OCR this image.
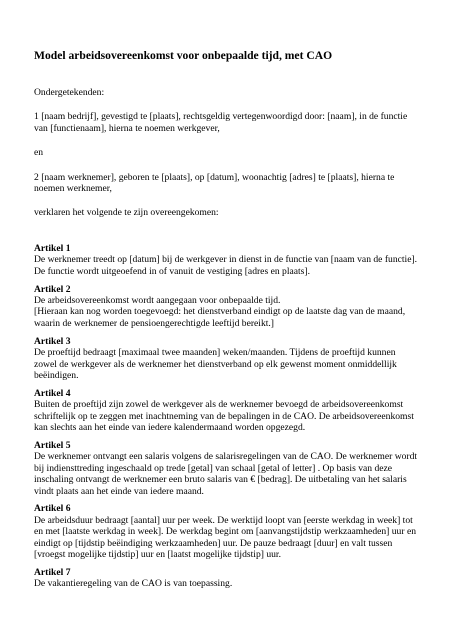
Model arbeidsovereenkomst voor onbepaalde tijd, met CAO

Ondergetekenden:

1 [naam bedrijf], gevestigd te [plaats], rechtsgeldig vertegenwoordigd door: [naam], in de functie van [functienaam], hierna te noemen werkgever,

en

2 [naam werknemer], geboren te [plaats], op [datum], woonachtig [adres] te [plaats], hierna te noemen werknemer,

verklaren het volgende te zijn overeengekomen:

Artikel 1

De werknemer treedt op [datum] bij de werkgever in dienst in de functie van [naam van de functie].

De functie wordt uitgeoefend in of vanuit de vestiging [adres en plaats].

Artikel 2

De arbeidsovereenkomst wordt aangegaan voor onbepaalde tijd.

[Hieraan kan nog worden toegevoegd: het dienstverband eindigt op de laatste dag van de maand, waarin de werknemer de pensioengerechtigde leeftijd bereikt.]

Artikel 3

De proeftijd bedraagt [maximaal twee maanden] weken/maanden. Tijdens de proeftijd kunnen zowel de werkgever als de werknemer het dienstverband op elk gewenst moment onmiddellijk beëindigen.

Artikel 4

Buiten de proeftijd zijn zowel de werkgever als de werknemer bevoegd de arbeidsovereenkomst schriftelijk op te zeggen met inachtneming van de bepalingen in de CAO. De arbeidsovereenkomst kan slechts aan het einde van iedere kalendermaand worden opgezegd.

Artikel 5

De werknemer ontvangt een salaris volgens de salarisregelingen van de CAO. De werknemer wordt bij indiensttreding ingeschaald op trede [getal] van schaal [getal of letter] . Op basis van deze inschaling ontvangt de werknemer een bruto salaris van € [bedrag]. De uitbetaling van het salaris vindt plaats aan het einde van iedere maand.

Artikel 6

De arbeidsduur bedraagt [aantal] uur per week. De werktijd loopt van [eerste werkdag in week] tot en met [laatste werkdag in week]. De werkdag begint om [aanvangstijdstip werkzaamheden] uur en eindigt op [tijdstip beëindiging werkzaamheden] uur. De pauze bedraagt [duur] en valt tussen [vroegst mogelijke tijdstip] uur en [laatst mogelijke tijdstip] uur.

Artikel 7

De vakantieregeling van de CAO is van toepassing.
